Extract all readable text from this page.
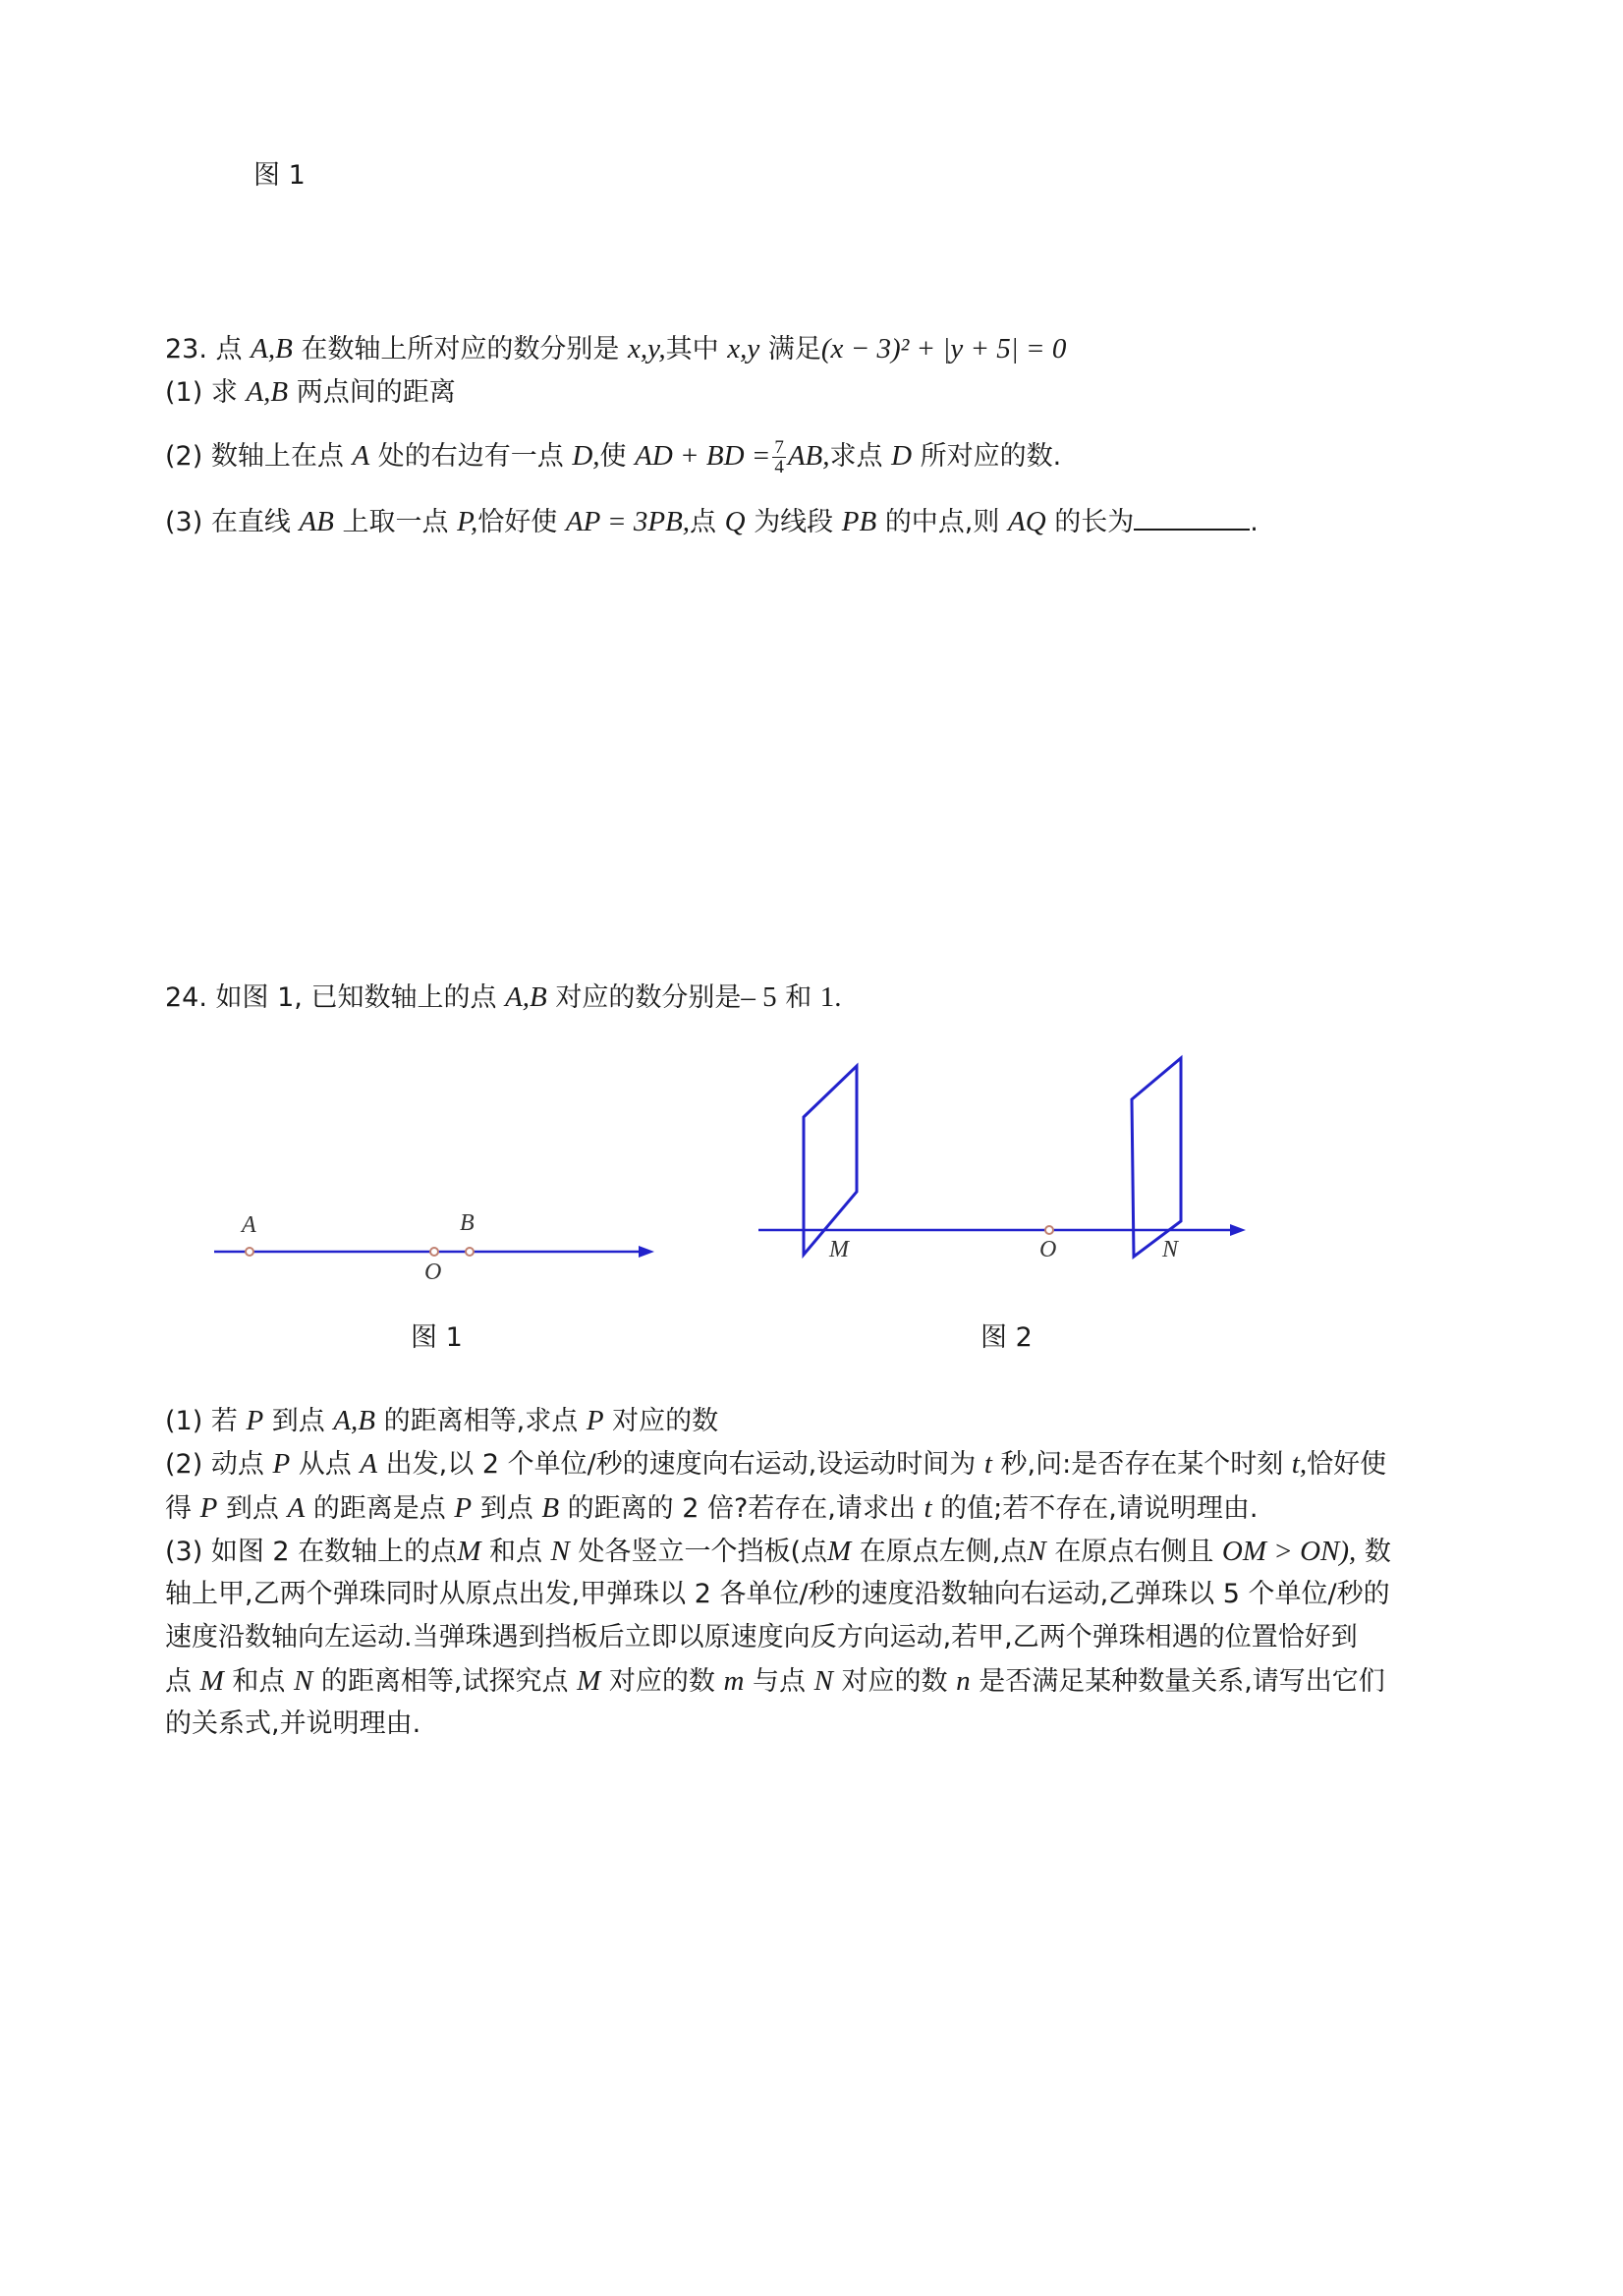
图 1
23. 点 A,B 在数轴上所对应的数分别是 x,y,其中 x,y 满足(x − 3)² + |y + 5| = 0
(1) 求 A,B 两点间的距离
(2) 数轴上在点 A 处的右边有一点 D,使 AD + BD = $\frac{7}{4}$ AB,求点 D 所对应的数.
(3) 在直线 AB 上取一点 P,恰好使 AP = 3PB,点 Q 为线段 PB 的中点,则 AQ 的长为	.
24. 如图 1, 已知数轴上的点 A,B 对应的数分别是– 5 和 1.
A	B
O
图 1
M	O	N
图 2
(1) 若 P 到点 A,B 的距离相等,求点 P 对应的数
(2) 动点 P 从点 A 出发,以 2 个单位/秒的速度向右运动,设运动时间为 t 秒,问:是否存在某个时刻 t,恰好使
得 P 到点 A 的距离是点 P 到点 B 的距离的 2 倍?若存在,请求出 t 的值;若不存在,请说明理由.
(3) 如图 2 在数轴上的点M 和点 N 处各竖立一个挡板(点M 在原点左侧,点N 在原点右侧且 OM > ON), 数
轴上甲,乙两个弹珠同时从原点出发,甲弹珠以 2 各单位/秒的速度沿数轴向右运动,乙弹珠以 5 个单位/秒的
速度沿数轴向左运动.当弹珠遇到挡板后立即以原速度向反方向运动,若甲,乙两个弹珠相遇的位置恰好到
点 M 和点 N 的距离相等,试探究点 M 对应的数 m 与点 N 对应的数 n 是否满足某种数量关系,请写出它们
的关系式,并说明理由.
